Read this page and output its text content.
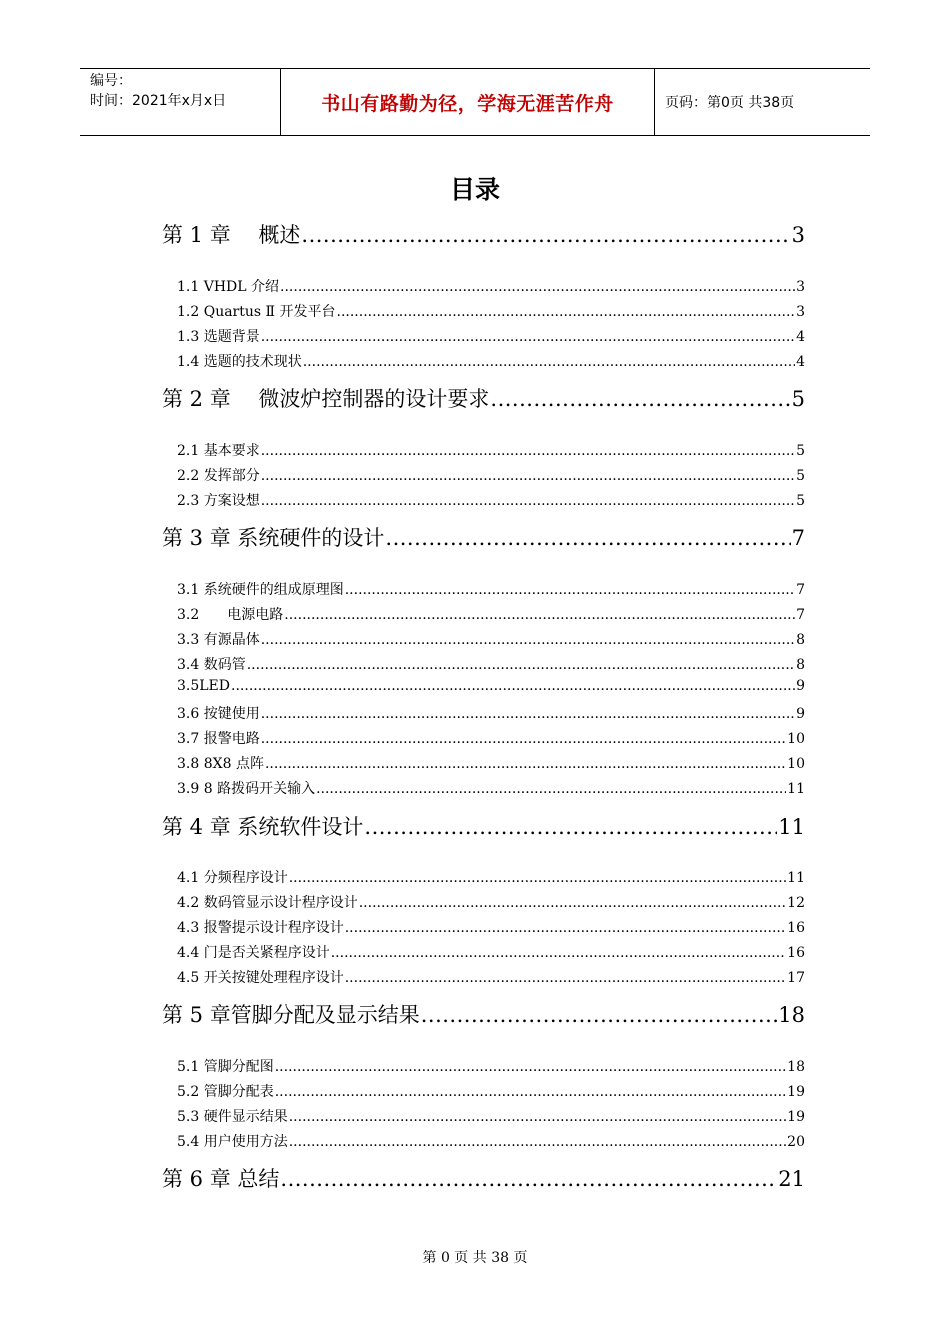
编号：
时间：2021年x月x日	书山有路勤为径，学海无涯苦作舟	页码：第0页 共38页
目录
第 1 章　 概述 .....	3
1.1 VHDL 介绍 .....	3
1.2 Quartus Ⅱ 开发平台 .....	3
1.3 选题背景 .....	4
1.4 选题的技术现状 .....	4
第 2 章　 微波炉控制器的设计要求 .....	5
2.1 基本要求 .....	5
2.2 发挥部分 .....	5
2.3 方案设想 .....	5
第 3 章 系统硬件的设计 .....	7
3.1 系统硬件的组成原理图 .....	7
3.2　　电源电路 .....	7
3.3 有源晶体 .....	8
3.4 数码管 .....	8
3.5LED .....	9
3.6 按键使用 .....	9
3.7 报警电路 .....	10
3.8 8X8 点阵 .....	10
3.9 8 路拨码开关输入 .....	11
第 4 章 系统软件设计 .....	11
4.1 分频程序设计 .....	11
4.2 数码管显示设计程序设计 .....	12
4.3 报警提示设计程序设计 .....	16
4.4 门是否关紧程序设计 .....	16
4.5 开关按键处理程序设计 .....	17
第 5 章管脚分配及显示结果 .....	18
5.1 管脚分配图 .....	18
5.2 管脚分配表 .....	19
5.3 硬件显示结果 .....	19
5.4 用户使用方法 .....	20
第 6 章 总结 .....	21
第 0 页 共 38 页
